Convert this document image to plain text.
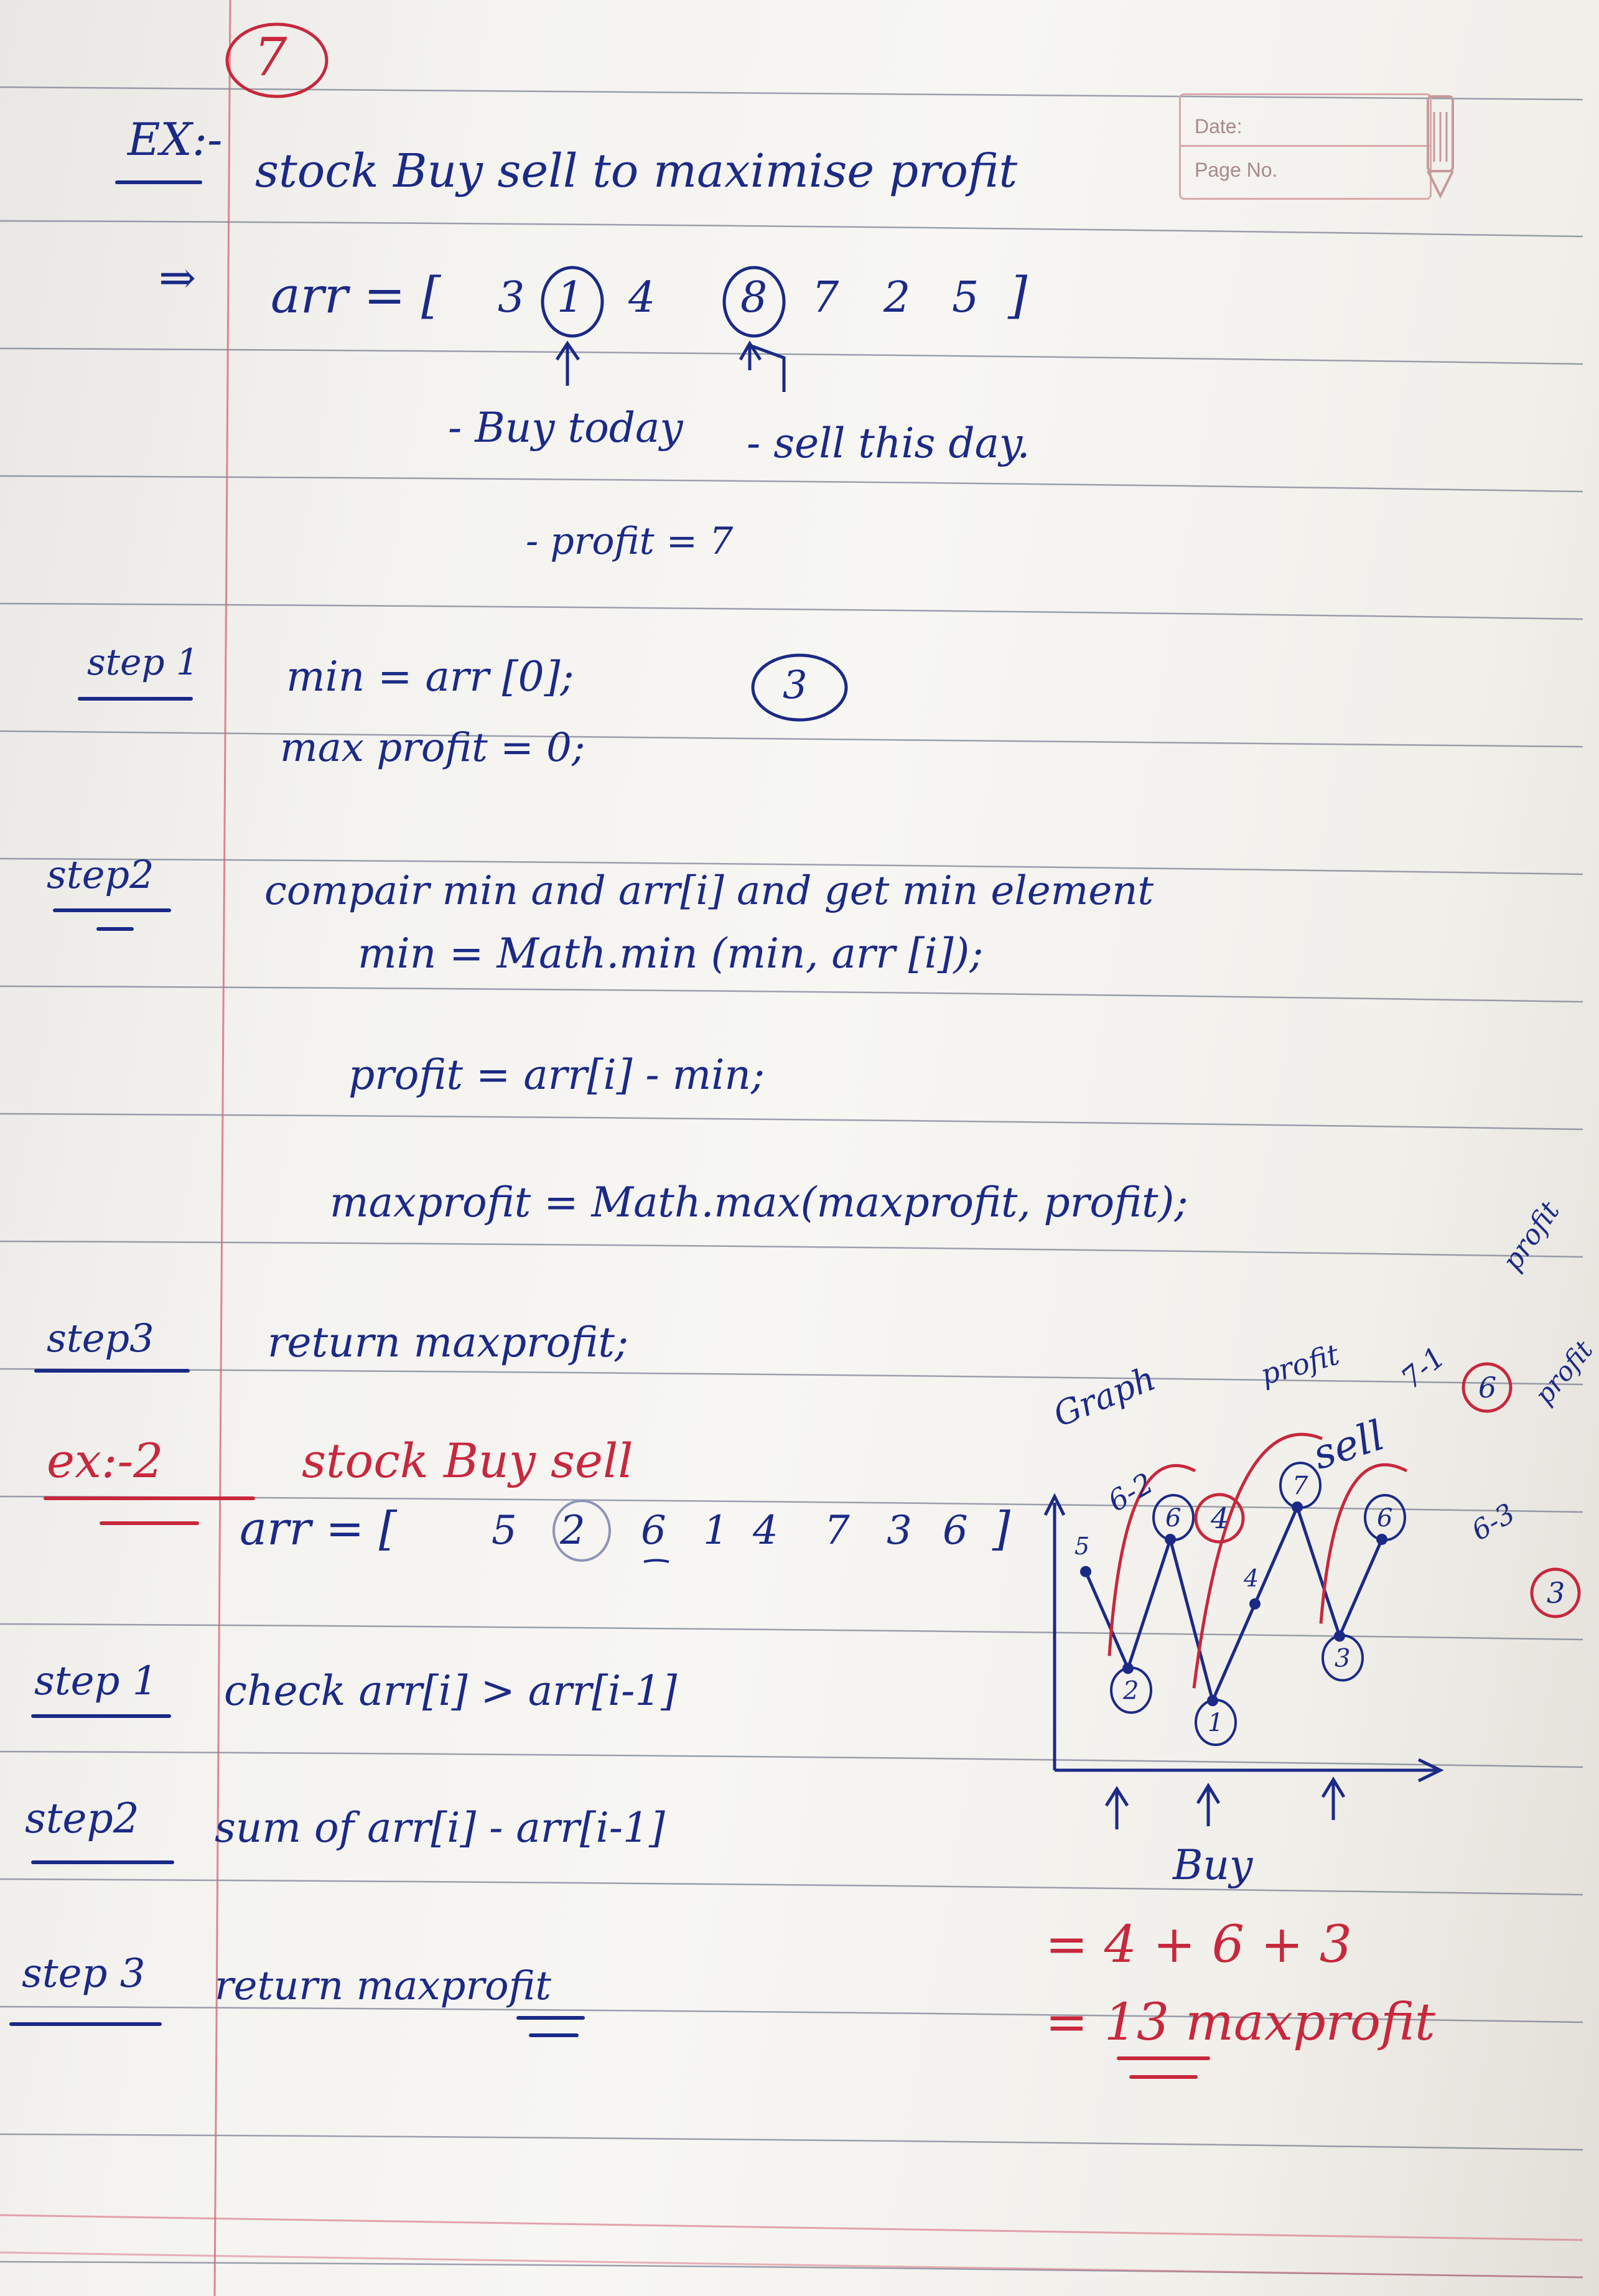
Date:
Page No.
7
EX:-
stock Buy sell to maximise profit
⇒ arr = [ 3 1 4 8 7 2 5 ]
- Buy today - sell this day.
- profit = 7
step 1 min = arr [0];	3
max profit = 0;
step2	compair min and arr[i] and get min element
min = Math.min (min, arr [i]);
profit = arr[i] - min;
maxprofit = Math.max(maxprofit, profit);
step3	return maxprofit;
ex:-2	stock Buy sell
arr = [ 5 2 6 1 4 7 3 6 ]
step 1 check arr[i] > arr[i-1]
step2 sum of arr[i] - arr[i-1]
step 3 return maxprofit
2
6
1
7
3
6
5
4
4
6
3
Graph	profit
profit
profit
sell
6-2
7-1
6-3
Buy
= 4 + 6 + 3
= 13 maxprofit
